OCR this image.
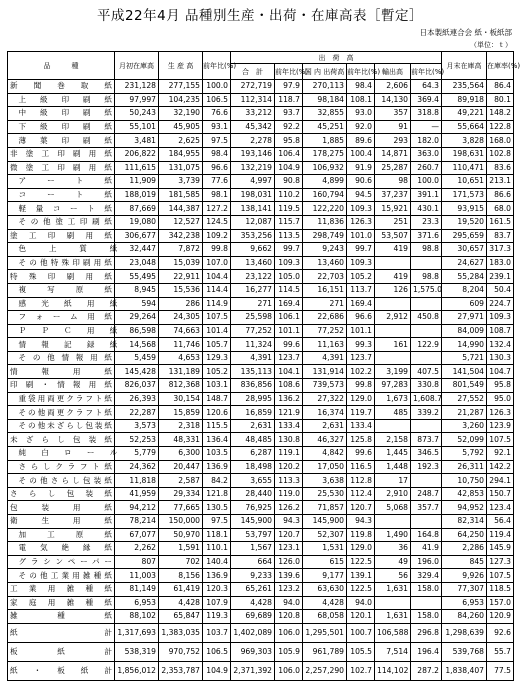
平成22年4月 品種別生産・出荷・在庫高表［暫定］
日本製紙連合会 紙・板紙部
（単位：ｔ）
品　　　種		月初在庫高	生 産 高	前年比(%)	出　荷　高						月末在庫高	在庫率(%)
					合　計	前年比(%)	国 内 出荷高	前年比(%)	輸出高	前年比(%)		
新　聞　巻　取　紙		231,128	277,155	100.0	272,719	97.9	270,113	98.4	2,606	64.3	235,564	86.4
	上　級　印　刷　紙	97,997	104,235	106.5	112,314	118.7	98,184	108.1	14,130	369.4	89,918	80.1
	中　級　印　刷　紙	50,243	32,190	76.6	33,212	93.7	32,855	93.0	357	318.8	49,221	148.2
	下　級　印　刷　紙	55,101	45,905	93.1	45,342	92.2	45,251	92.0	91	—	55,664	122.8
	薄　葉　印　刷　紙	3,481	2,625	97.5	2,278	95.8	1,885	89.6	293	182.0	3,828	168.0
非塗工印刷用紙		206,822	184,955	98.4	193,146	106.4	178,275	100.4	14,871	363.0	198,631	102.8
微塗工印刷用紙		111,615	131,075	96.6	132,219	104.9	106,932	91.9	25,287	260.7	110,471	83.6
	ア　　ー　　ト　　紙	11,909	3,739	77.6	4,997	90.8	4,899	90.6	98	100.0	10,651	213.1
	コ　　ー　　ト　　紙	188,019	181,585	98.1	198,031	110.2	160,794	94.5	37,237	391.1	171,573	86.6
	軽　量　コ　ー　ト　紙	87,669	144,387	127.2	138,141	119.5	122,220	109.3	15,921	430.1	93,915	68.0
	その他塗工印刷紙	19,080	12,527	124.5	12,087	115.7	11,836	126.3	251	23.3	19,520	161.5
塗　工　印　刷　用　紙		306,677	342,238	109.2	353,256	113.5	298,749	101.0	53,507	371.6	295,659	83.7
	色　　　上　　　質　　　紙	32,447	7,872	99.8	9,662	99.7	9,243	99.7	419	98.8	30,657	317.3
	その他特殊印刷用紙	23,048	15,039	107.0	13,460	109.3	13,460	109.3			24,627	183.0
特　殊　印　刷　用　紙		55,495	22,911	104.4	23,122	105.0	22,703	105.2	419	98.8	55,284	239.1
	複　　写　　原　　紙	8,945	15,536	114.4	16,277	114.5	16,151	113.7	126	1,575.0	8,204	50.4
	感　　光　　紙　　用　　紙	594	286	114.9	271	169.4	271	169.4			609	224.7
	フ　ォ　ー　ム　用　紙	29,264	24,305	107.5	25,598	106.1	22,686	96.6	2,912	450.8	27,971	109.3
	Ｐ　　Ｐ　　Ｃ　　用　　紙	86,598	74,663	101.4	77,252	101.1	77,252	101.1			84,009	108.7
	情　　報　　記　　録　　紙	14,568	11,746	105.7	11,324	99.6	11,163	99.3	161	122.9	14,990	132.4
	その他情報用紙	5,459	4,653	129.3	4,391	123.7	4,391	123.7			5,721	130.3
情　　報　　用　　紙		145,428	131,189	105.2	135,113	104.1	131,914	102.2	3,199	407.5	141,504	104.7
印　刷　・　情　報　用　紙		826,037	812,368	103.1	836,856	108.6	739,573	99.8	97,283	330.8	801,549	95.8
	重袋用両更クラフト紙	26,393	30,154	148.7	28,995	136.2	27,322	129.0	1,673	1,608.7	27,552	95.0
	その他両更クラフト紙	22,287	15,859	120.6	16,859	121.9	16,374	119.7	485	339.2	21,287	126.3
	その他未ざらし包装紙	3,573	2,318	115.5	2,631	133.4	2,631	133.4			3,260	123.9
未　ざ　ら　し　包　装　紙		52,253	48,331	136.4	48,485	130.8	46,327	125.8	2,158	873.7	52,099	107.5
	純　　白　　ロ　　ー　　ル	5,779	6,300	103.5	6,287	119.1	4,842	99.6	1,445	346.5	5,792	92.1
	さらしクラフト紙	24,362	20,447	136.9	18,498	120.2	17,050	116.5	1,448	192.3	26,311	142.2
	その他さらし包装紙	11,818	2,587	84.2	3,655	113.3	3,638	112.8	17		10,750	294.1
さ　ら　し　包　装　紙		41,959	29,334	121.8	28,440	119.0	25,530	112.4	2,910	248.7	42,853	150.7
包　　　装　　　用　　　紙		94,212	77,665	130.5	76,925	126.2	71,857	120.7	5,068	357.7	94,952	123.4
衛　　　生　　　用　　　紙		78,214	150,000	97.5	145,900	94.3	145,900	94.3			82,314	56.4
	加　　工　　原　　紙	67,077	50,970	118.1	53,797	120.7	52,307	119.8	1,490	164.8	64,250	119.4
	電　気　絶　縁　紙	2,262	1,591	110.1	1,567	123.1	1,531	129.0	36	41.9	2,286	145.9
	グラシンペーパー	807	702	140.4	664	126.0	615	122.5	49	196.0	845	127.3
	その他工業用雑種紙	11,003	8,156	136.9	9,233	139.6	9,177	139.1	56	329.4	9,926	107.5
工　業　用　雑　種　紙		81,149	61,419	120.3	65,261	123.2	63,630	122.5	1,631	158.0	77,307	118.5
家　庭　用　雑　種　紙		6,953	4,428	107.9	4,428	94.0	4,428	94.0			6,953	157.0
雑　　　種　　　紙		88,102	65,847	119.3	69,689	120.8	68,058	120.1	1,631	158.0	84,260	120.9
紙　　　　　　　　　計		1,317,693	1,383,035	103.7	1,402,089	106.0	1,295,501	100.7	106,588	296.8	1,298,639	92.6
板　　　　紙　　　　計		538,319	970,752	106.5	969,303	105.9	961,789	105.5	7,514	196.4	539,768	55.7
紙　・　板　紙　計		1,856,012	2,353,787	104.9	2,371,392	106.0	2,257,290	102.7	114,102	287.2	1,838,407	77.5
